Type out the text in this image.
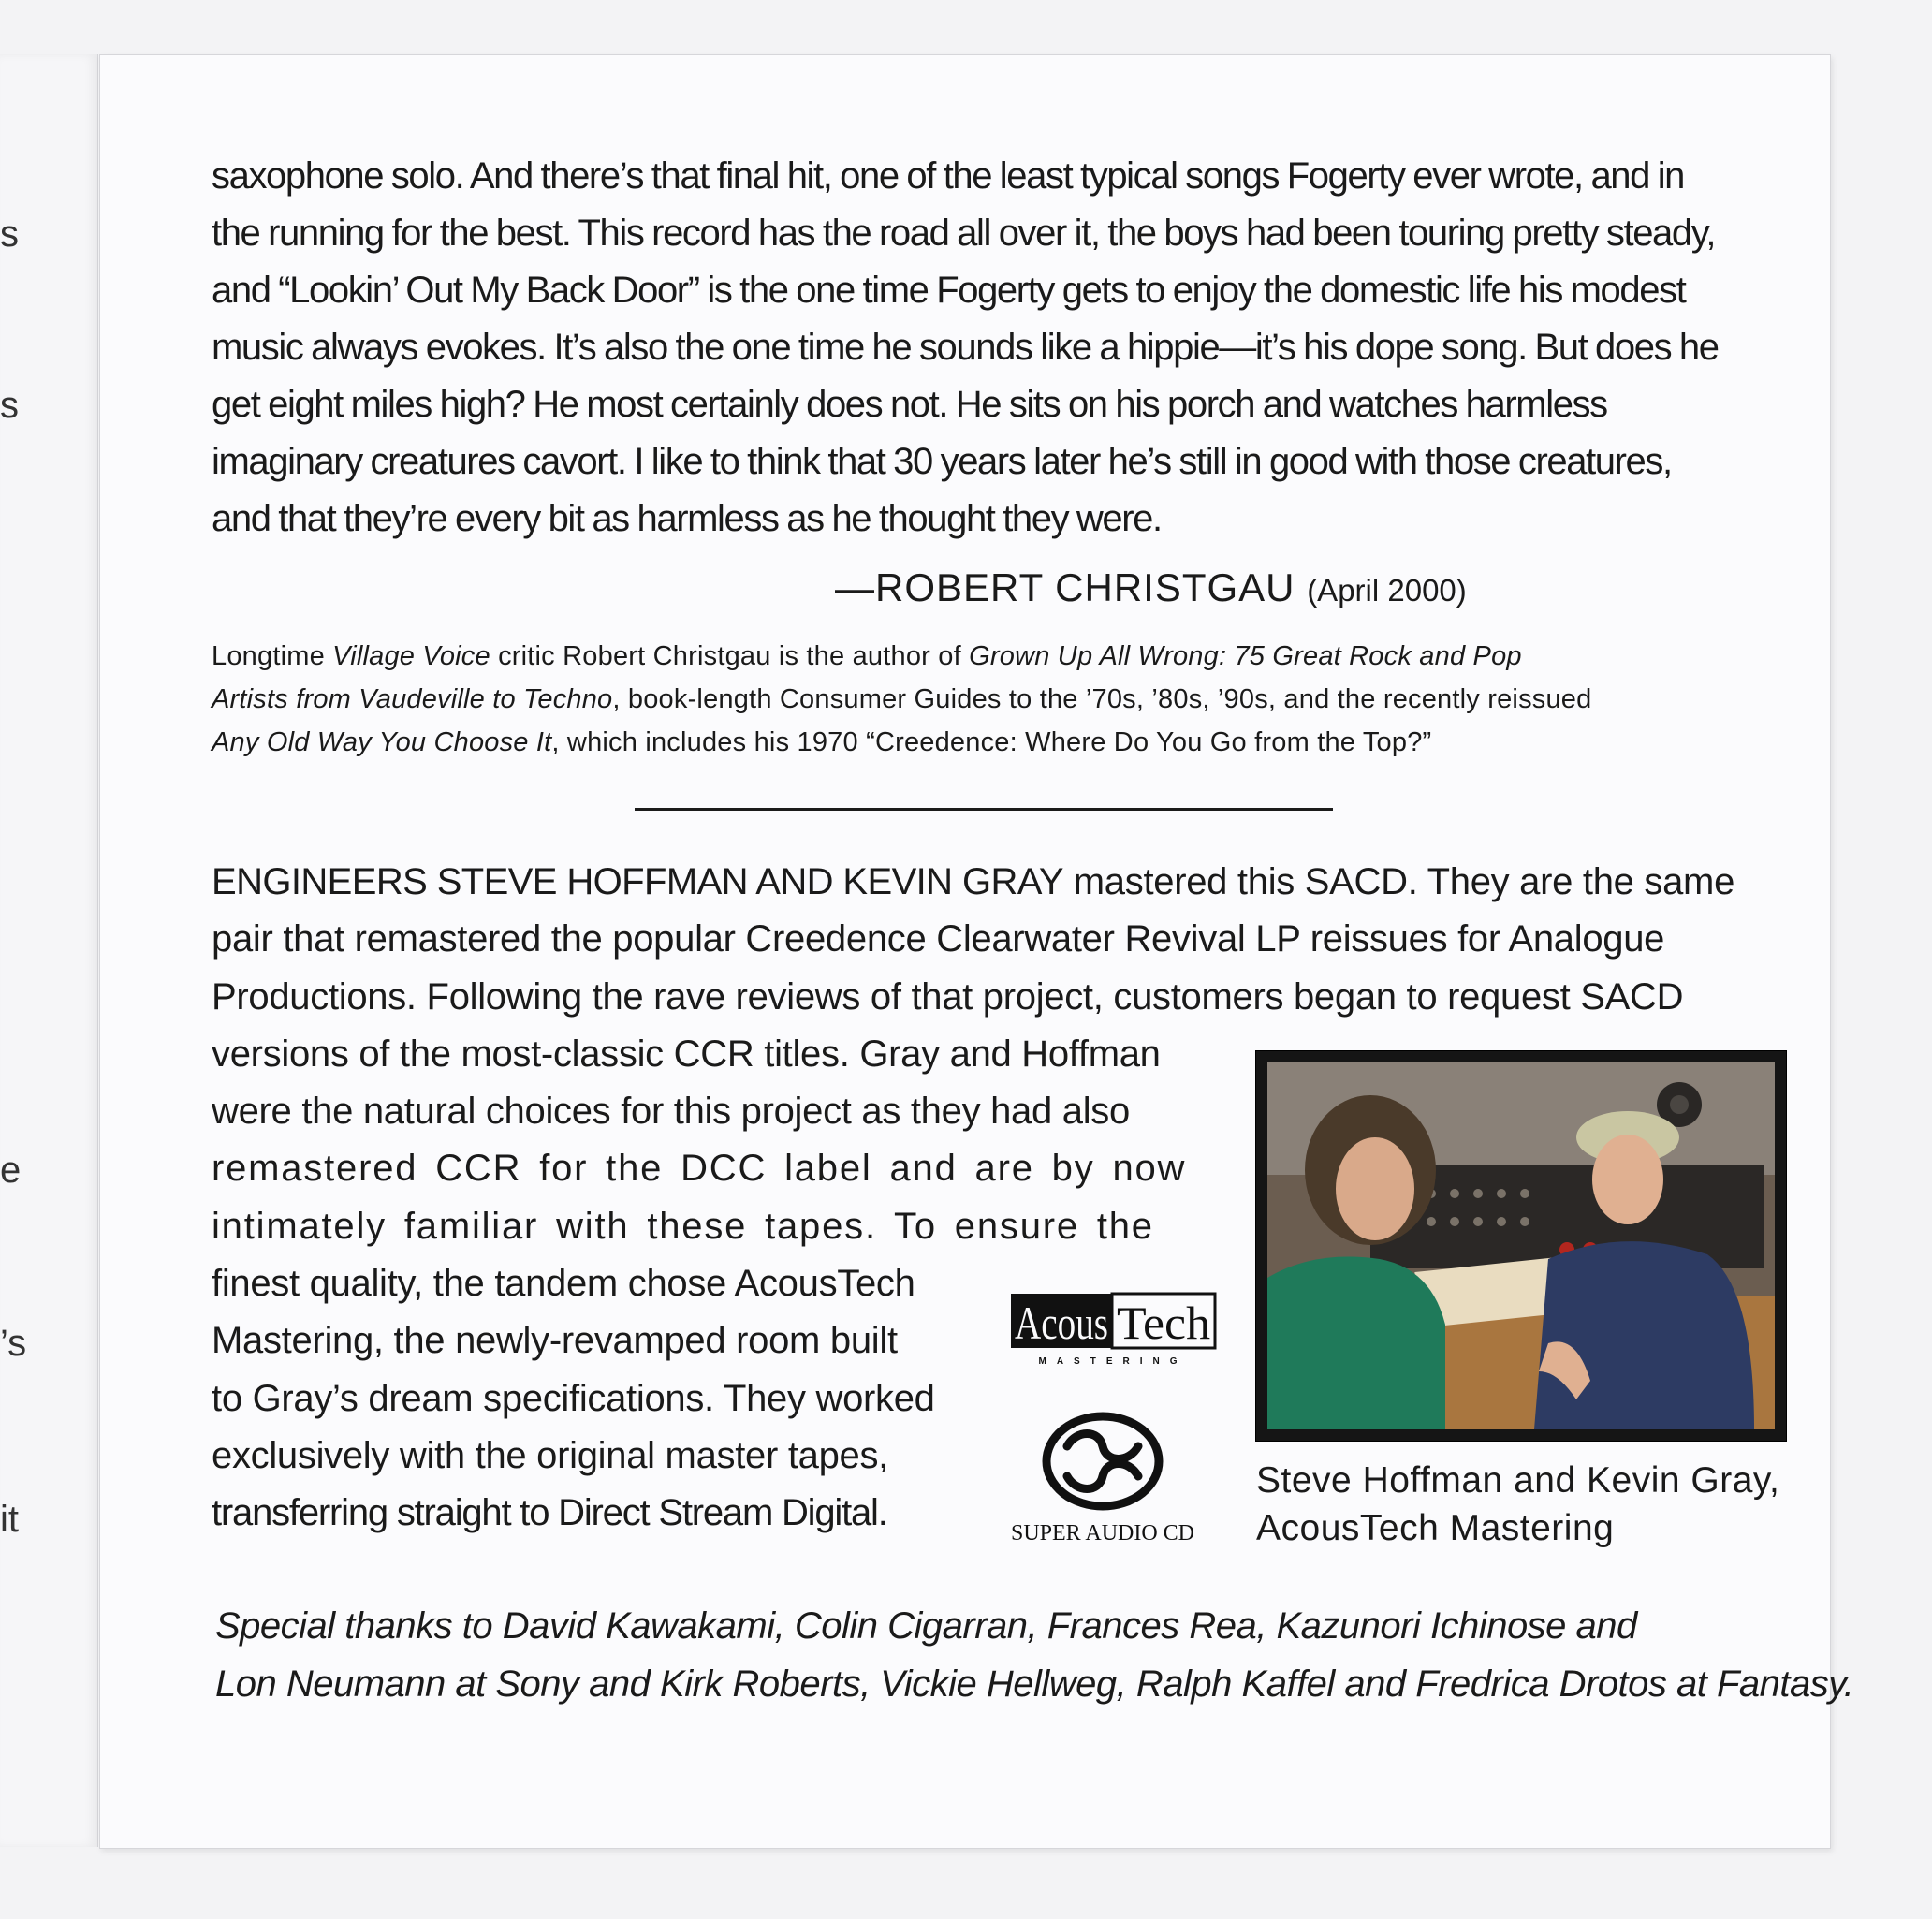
s
s
e
’s
it

saxophone solo. And there’s that final hit, one of the least typical songs Fogerty ever wrote, and in
the running for the best. This record has the road all over it, the boys had been touring pretty steady,
and “Lookin’ Out My Back Door” is the one time Fogerty gets to enjoy the domestic life his modest
music always evokes. It’s also the one time he sounds like a hippie—it’s his dope song. But does he
get eight miles high? He most certainly does not. He sits on his porch and watches harmless
imaginary creatures cavort. I like to think that 30 years later he’s still in good with those creatures,
and that they’re every bit as harmless as he thought they were.

—ROBERT CHRISTGAU (April 2000)
Longtime Village Voice critic Robert Christgau is the author of Grown Up All Wrong: 75 Great Rock and Pop
Artists from Vaudeville to Techno, book-length Consumer Guides to the ’70s, ’80s, ’90s, and the recently reissued
Any Old Way You Choose It, which includes his 1970 “Creedence: Where Do You Go from the Top?”
ENGINEERS STEVE HOFFMAN AND KEVIN GRAY mastered this SACD. They are the same
pair that remastered the popular Creedence Clearwater Revival LP reissues for Analogue
Productions. Following the rave reviews of that project, customers began to request SACD
versions of the most-classic CCR titles. Gray and Hoffman
were the natural choices for this project as they had also
remastered CCR for the DCC label and are by now
intimately familiar with these tapes. To ensure the
finest quality, the tandem chose AcousTech
Mastering, the newly-revamped room built
to Gray’s dream specifications. They worked
exclusively with the original master tapes,
transferring straight to Direct Stream Digital.
Acous Tech
MASTERING
SUPER AUDIO CD
Steve Hoffman and Kevin Gray,
AcousTech Mastering
Special thanks to David Kawakami, Colin Cigarran, Frances Rea, Kazunori Ichinose and
Lon Neumann at Sony and Kirk Roberts, Vickie Hellweg, Ralph Kaffel and Fredrica Drotos at Fantasy.
